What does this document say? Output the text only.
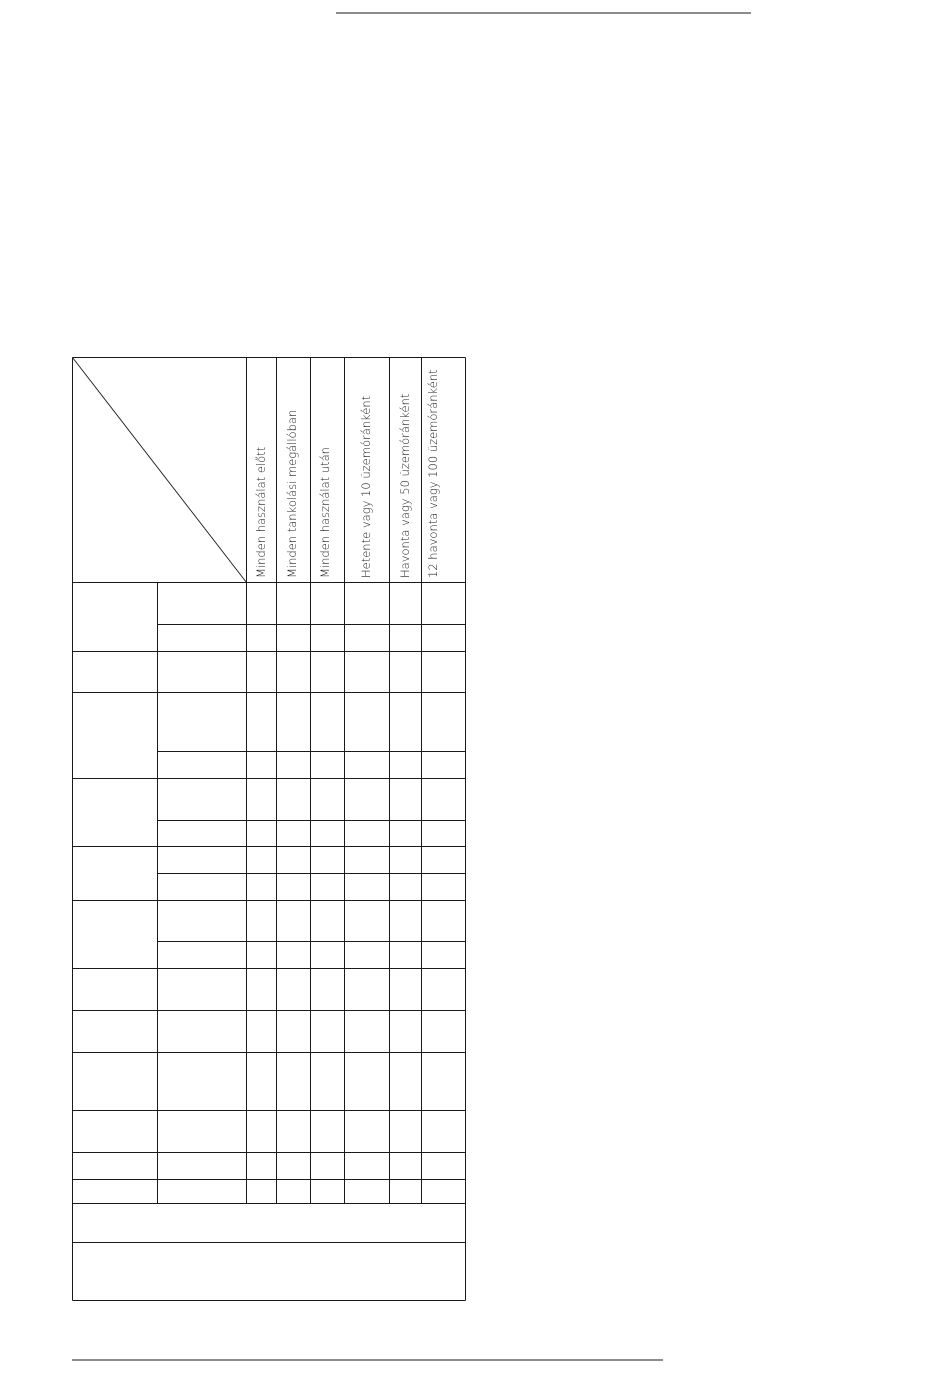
Minden használat előtt Minden tankolási megállóban Minden használat után Hetente vagy 10 üzemóránként Havonta vagy 50 üzemóránként 12 havonta vagy 100 üzemóránként
